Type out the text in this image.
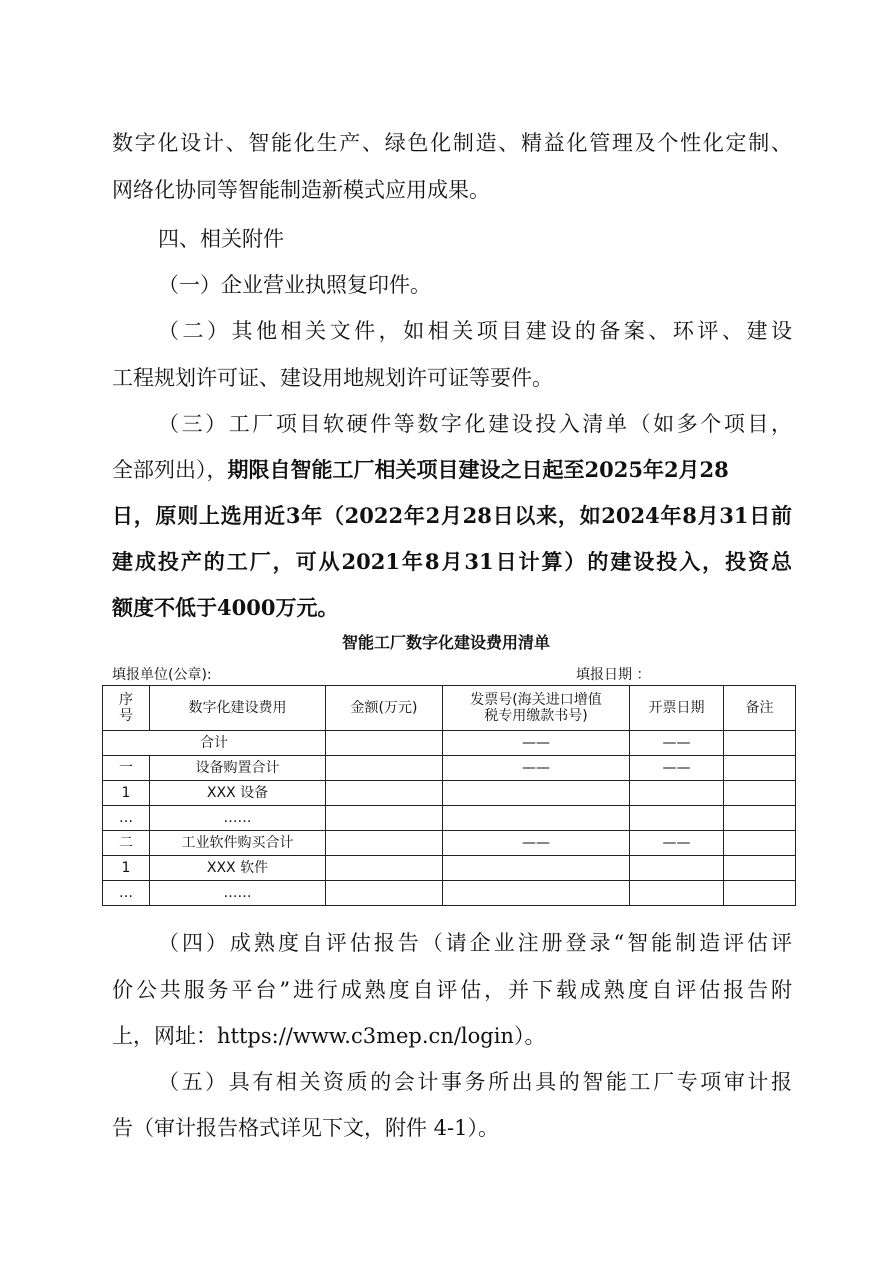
数字化设计、智能化生产、绿色化制造、精益化管理及个性化定制、
网络化协同等智能制造新模式应用成果。
四、相关附件
（一）企业营业执照复印件。
（二）其他相关文件，如相关项目建设的备案、环评、建设
工程规划许可证、建设用地规划许可证等要件。
（三）工厂项目软硬件等数字化建设投入清单（如多个项目，
全部列出），期限自智能工厂相关项目建设之日起至2025年2月28
日，原则上选用近3年（2022年2月28日以来，如2024年8月31日前
建成投产的工厂，可从2021年8月31日计算）的建设投入，投资总
额度不低于4000万元。
智能工厂数字化建设费用清单
填报单位(公章):	填报日期 ：
序
号	数字化建设费用	金额(万元)	发票号(海关进口增值
税专用缴款书号)	开票日期	备注
合计			——	——	
一	设备购置合计		——	——	
1	XXX 设备				
…	……				
二	工业软件购买合计		——	——	
1	XXX 软件				
…	……				
（四）成熟度自评估报告（请企业注册登录“智能制造评估评
价公共服务平台”进行成熟度自评估，并下载成熟度自评估报告附
上，网址：https://www.c3mep.cn/login）。
（五）具有相关资质的会计事务所出具的智能工厂专项审计报
告（审计报告格式详见下文，附件 4-1）。
